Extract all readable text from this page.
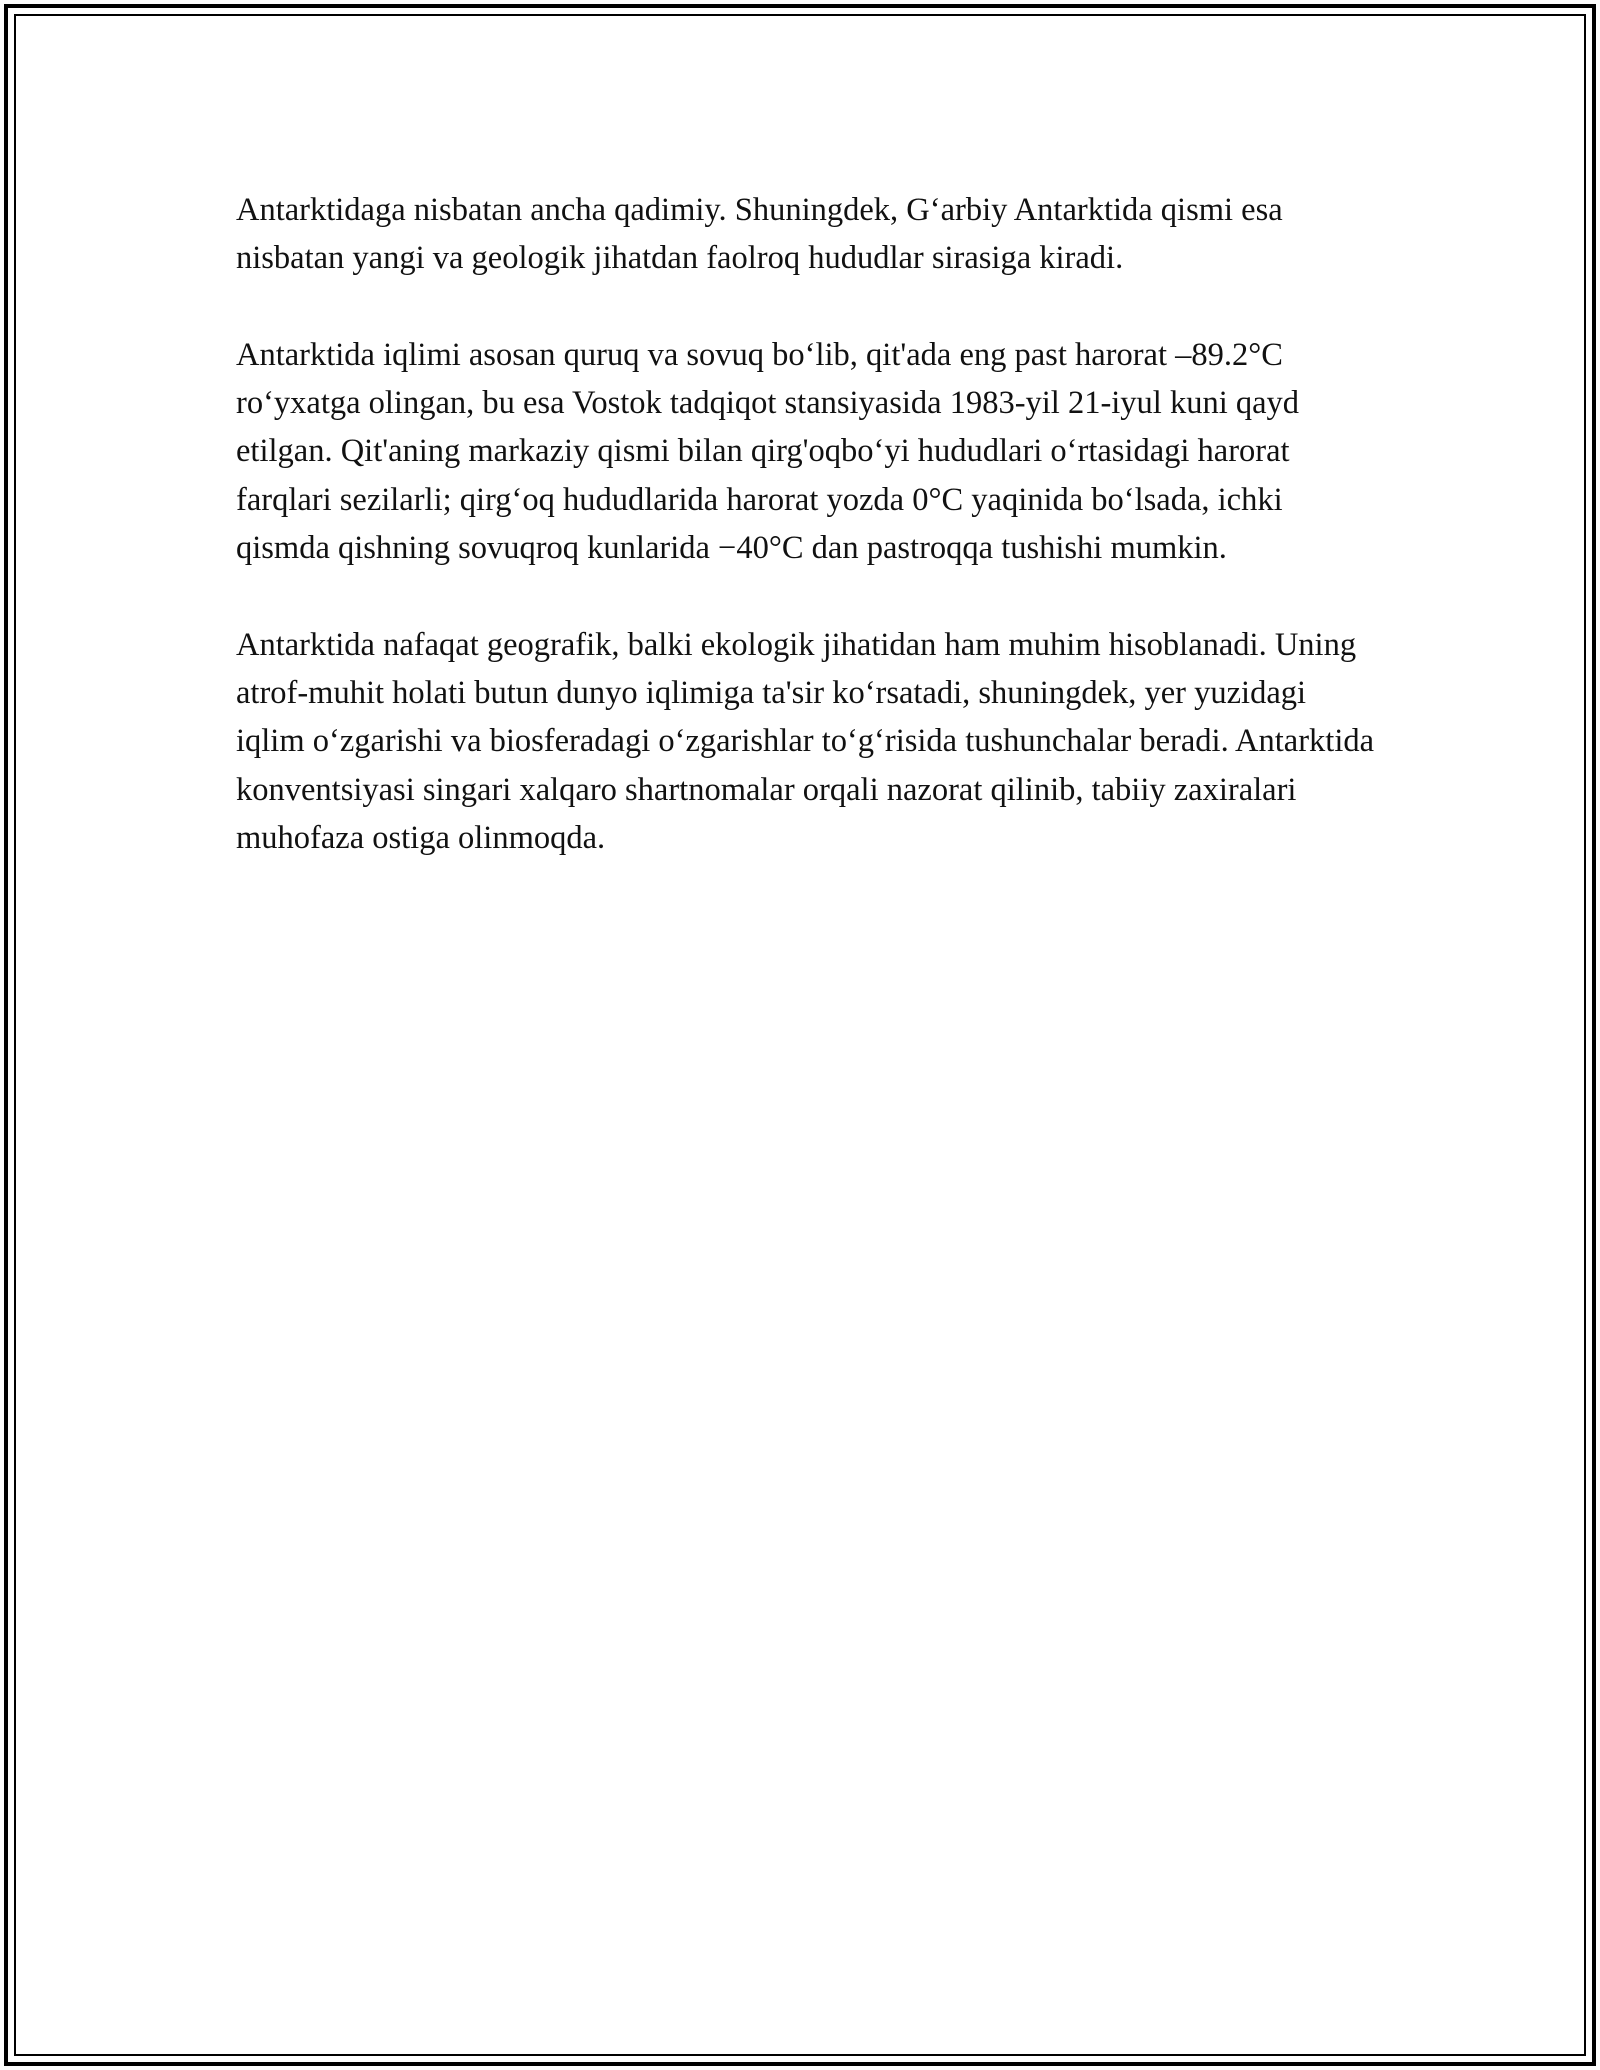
Antarktidaga nisbatan ancha qadimiy. Shuningdek, Gʻarbiy Antarktida qismi esa nisbatan yangi va geologik jihatdan faolroq hududlar sirasiga kiradi.

Antarktida iqlimi asosan quruq va sovuq boʻlib, qit'ada eng past harorat –89.2°C roʻyxatga olingan, bu esa Vostok tadqiqot stansiyasida 1983-yil 21-iyul kuni qayd etilgan. Qit'aning markaziy qismi bilan qirg'oqboʻyi hududlari oʻrtasidagi harorat farqlari sezilarli; qirgʻoq hududlarida harorat yozda 0°C yaqinida boʻlsada, ichki qismda qishning sovuqroq kunlarida −40°C dan pastroqqa tushishi mumkin.

Antarktida nafaqat geografik, balki ekologik jihatidan ham muhim hisoblanadi. Uning atrof-muhit holati butun dunyo iqlimiga ta'sir koʻrsatadi, shuningdek, yer yuzidagi iqlim oʻzgarishi va biosferadagi oʻzgarishlar toʻgʻrisida tushunchalar beradi. Antarktida konventsiyasi singari xalqaro shartnomalar orqali nazorat qilinib, tabiiy zaxiralari muhofaza ostiga olinmoqda.
